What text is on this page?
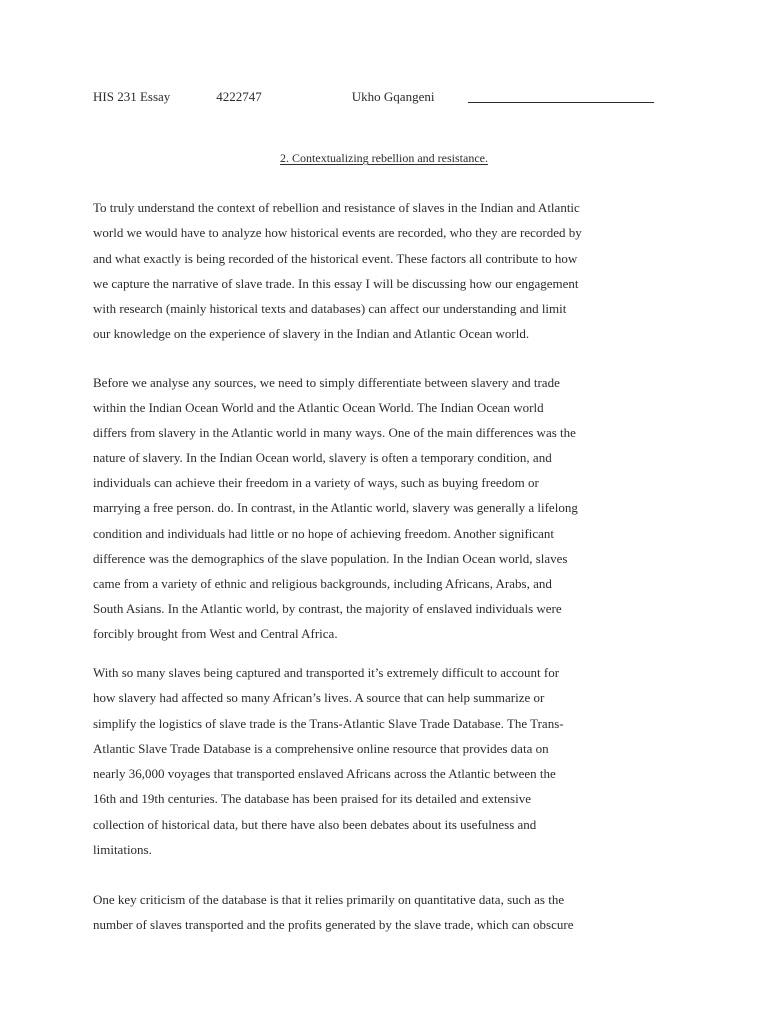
HIS 231 Essay	4222747	Ukho Gqangeni
2. Contextualizing rebellion and resistance.
To truly understand the context of rebellion and resistance of slaves in the Indian and Atlantic
world we would have to analyze how historical events are recorded, who they are recorded by
and what exactly is being recorded of the historical event. These factors all contribute to how
we capture the narrative of slave trade. In this essay I will be discussing how our engagement
with research (mainly historical texts and databases) can affect our understanding and limit
our knowledge on the experience of slavery in the Indian and Atlantic Ocean world.
Before we analyse any sources, we need to simply differentiate between slavery and trade
within the Indian Ocean World and the Atlantic Ocean World. The Indian Ocean world
differs from slavery in the Atlantic world in many ways. One of the main differences was the
nature of slavery. In the Indian Ocean world, slavery is often a temporary condition, and
individuals can achieve their freedom in a variety of ways, such as buying freedom or
marrying a free person. do. In contrast, in the Atlantic world, slavery was generally a lifelong
condition and individuals had little or no hope of achieving freedom. Another significant
difference was the demographics of the slave population. In the Indian Ocean world, slaves
came from a variety of ethnic and religious backgrounds, including Africans, Arabs, and
South Asians. In the Atlantic world, by contrast, the majority of enslaved individuals were
forcibly brought from West and Central Africa.
With so many slaves being captured and transported it’s extremely difficult to account for
how slavery had affected so many African’s lives. A source that can help summarize or
simplify the logistics of slave trade is the Trans-Atlantic Slave Trade Database. The Trans-
Atlantic Slave Trade Database is a comprehensive online resource that provides data on
nearly 36,000 voyages that transported enslaved Africans across the Atlantic between the
16th and 19th centuries. The database has been praised for its detailed and extensive
collection of historical data, but there have also been debates about its usefulness and
limitations.
One key criticism of the database is that it relies primarily on quantitative data, such as the
number of slaves transported and the profits generated by the slave trade, which can obscure
